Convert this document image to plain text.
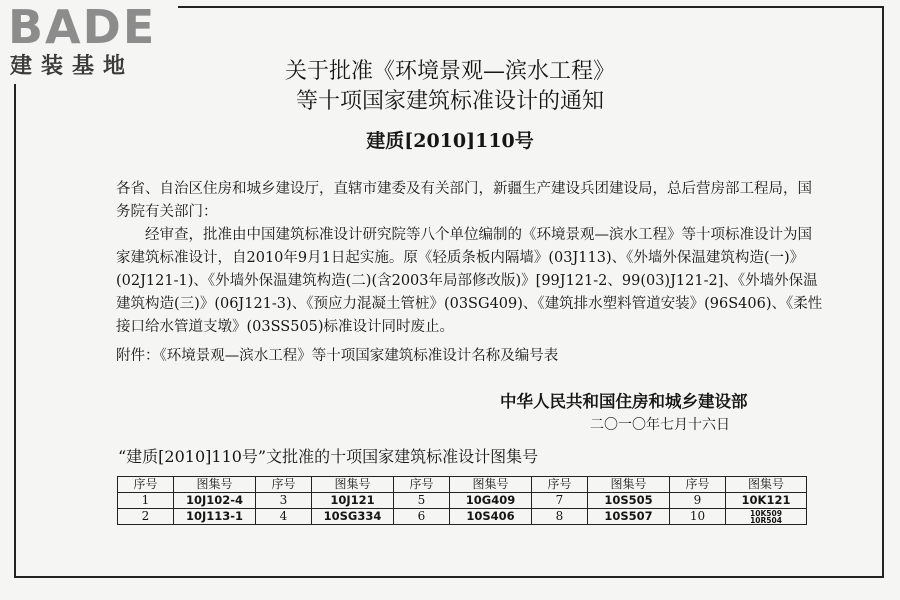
BADE
建装基地	关于批准《环境景观—滨水工程》
等十项国家建筑标准设计的通知
建质[2010]110号

各省、自治区住房和城乡建设厅，直辖市建委及有关部门，新疆生产建设兵团建设局，总后营房部工程局，国务院有关部门：

经审查，批准由中国建筑标准设计研究院等八个单位编制的《环境景观—滨水工程》等十项标准设计为国家建筑标准设计，自2010年9月1日起实施。原《轻质条板内隔墙》(03J113)、《外墙外保温建筑构造(一)》(02J121-1)、《外墙外保温建筑构造(二)(含2003年局部修改版)》[99J121-2、99(03)J121-2]、《外墙外保温建筑构造(三)》(06J121-3)、《预应力混凝土管桩》(03SG409)、《建筑排水塑料管道安装》(96S406)、《柔性接口给水管道支墩》(03SS505)标准设计同时废止。

附件：《环境景观—滨水工程》等十项国家建筑标准设计名称及编号表
中华人民共和国住房和城乡建设部
二〇一〇年七月十六日
“建质[2010]110号”文批准的十项国家建筑标准设计图集号
序号	图集号	序号	图集号	序号	图集号	序号	图集号	序号	图集号
1	10J102-4	3	10J121	5	10G409	7	10S505	9	10K121
2	10J113-1	4	10SG334	6	10S406	8	10S507	10	10K509
10R504
